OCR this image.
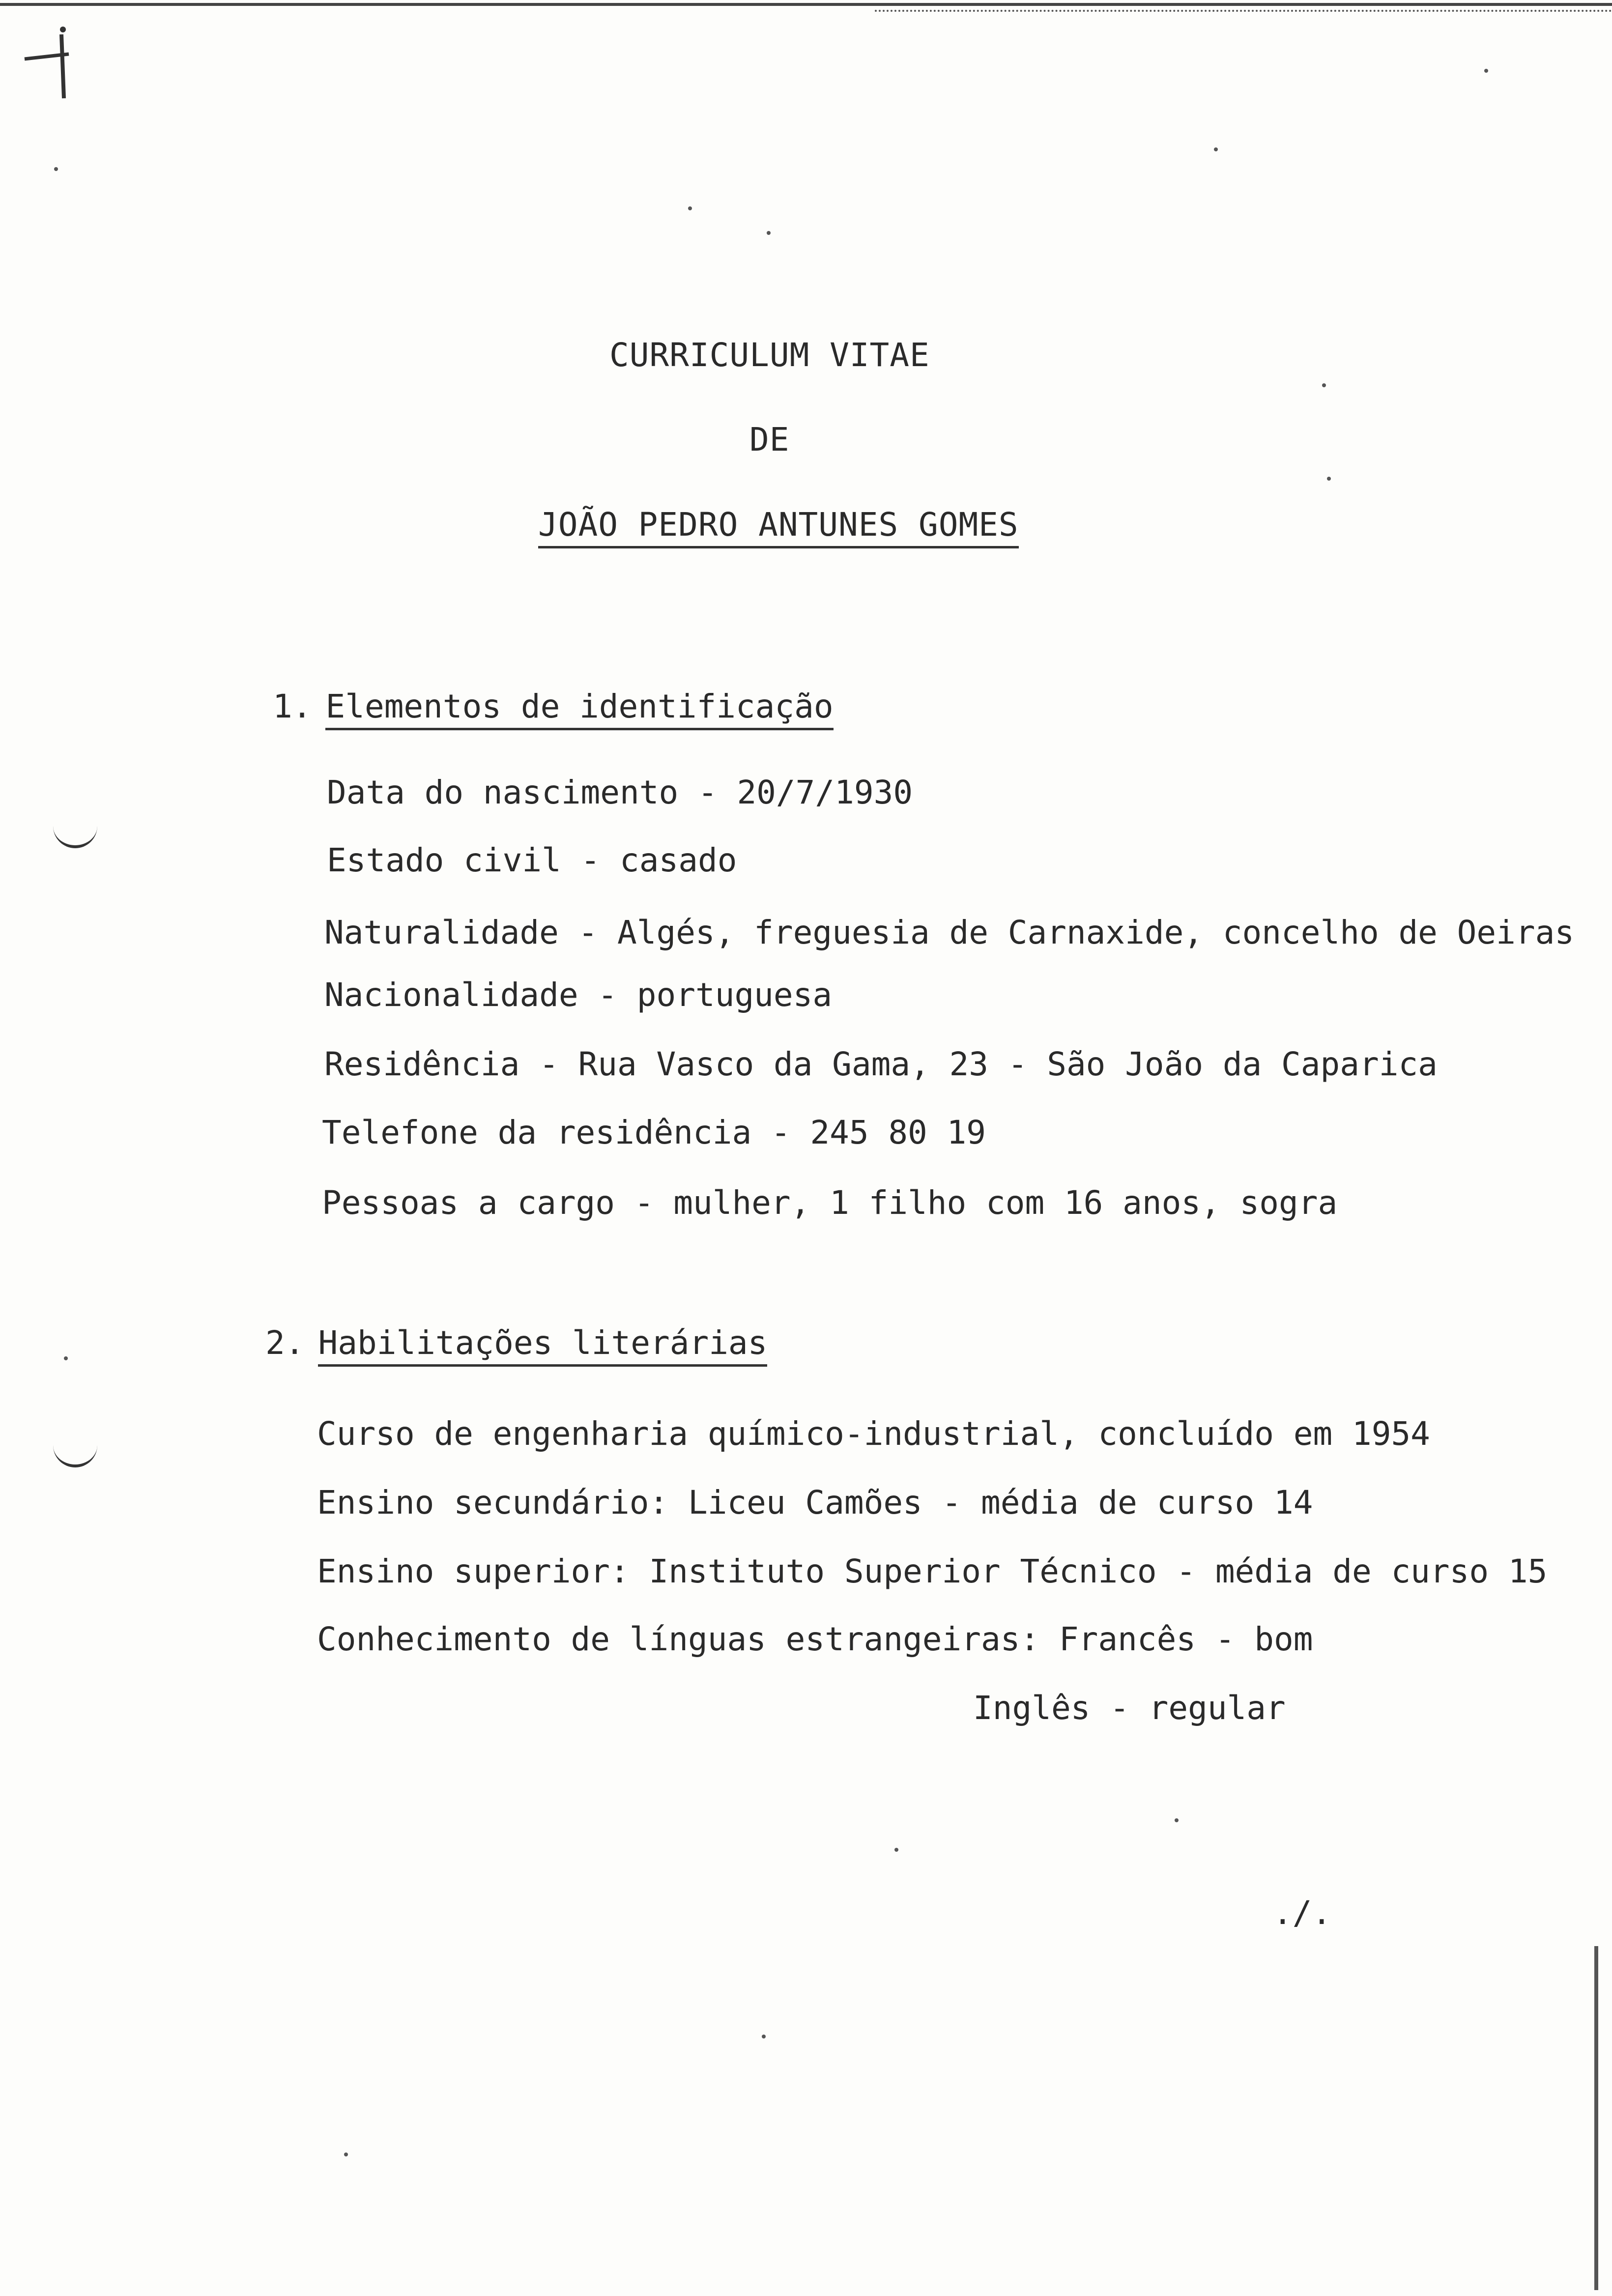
CURRICULUM VITAE
DE
JOÃO PEDRO ANTUNES GOMES
1. Elementos de identificação
Data do nascimento - 20/7/1930
Estado civil - casado
Naturalidade - Algés, freguesia de Carnaxide, concelho de Oeiras
Nacionalidade - portuguesa
Residência - Rua Vasco da Gama, 23 - São João da Caparica
Telefone da residência - 245 80 19
Pessoas a cargo - mulher, 1 filho com 16 anos, sogra
2. Habilitações literárias
Curso de engenharia químico-industrial, concluído em 1954
Ensino secundário: Liceu Camões - média de curso 14
Ensino superior: Instituto Superior Técnico - média de curso 15
Conhecimento de línguas estrangeiras: Francês - bom
Inglês - regular
./.
